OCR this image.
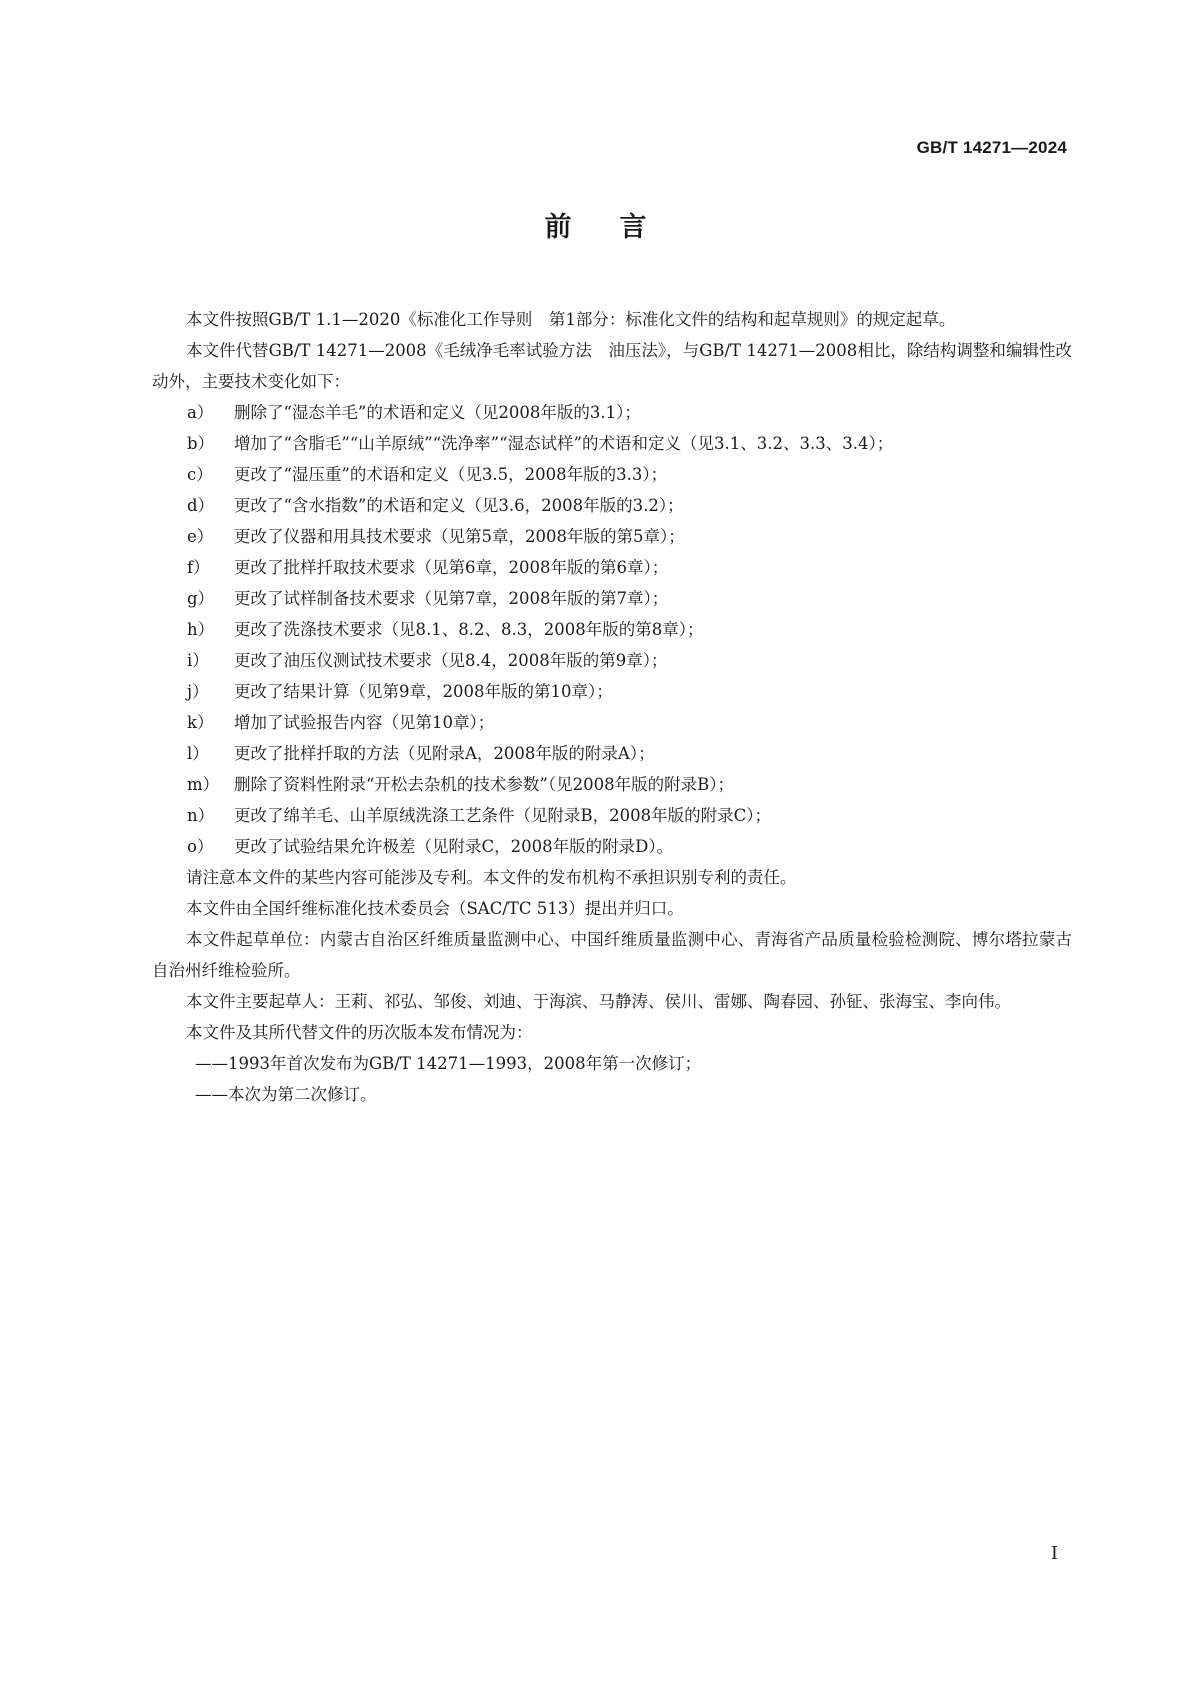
GB/T 14271—2024
前 言

本文件按照GB/T 1.1—2020《标准化工作导则　第1部分：标准化文件的结构和起草规则》的规定起草。

本文件代替GB/T 14271—2008《毛绒净毛率试验方法　油压法》，与GB/T 14271—2008相比，除结构调整和编辑性改动外，主要技术变化如下：

a） 删除了“湿态羊毛”的术语和定义（见2008年版的3.1）；

b） 增加了“含脂毛”“山羊原绒”“洗净率”“湿态试样”的术语和定义（见3.1、3.2、3.3、3.4）；

c） 更改了“湿压重”的术语和定义（见3.5，2008年版的3.3）；

d） 更改了“含水指数”的术语和定义（见3.6，2008年版的3.2）；

e） 更改了仪器和用具技术要求（见第5章，2008年版的第5章）；

f） 更改了批样扦取技术要求（见第6章，2008年版的第6章）；

g） 更改了试样制备技术要求（见第7章，2008年版的第7章）；

h） 更改了洗涤技术要求（见8.1、8.2、8.3，2008年版的第8章）；

i） 更改了油压仪测试技术要求（见8.4，2008年版的第9章）；

j） 更改了结果计算（见第9章，2008年版的第10章）；

k） 增加了试验报告内容（见第10章）；

l） 更改了批样扦取的方法（见附录A，2008年版的附录A）；

m） 删除了资料性附录“开松去杂机的技术参数”（见2008年版的附录B）；

n） 更改了绵羊毛、山羊原绒洗涤工艺条件（见附录B，2008年版的附录C）；

o） 更改了试验结果允许极差（见附录C，2008年版的附录D）。

请注意本文件的某些内容可能涉及专利。本文件的发布机构不承担识别专利的责任。

本文件由全国纤维标准化技术委员会（SAC/TC 513）提出并归口。

本文件起草单位：内蒙古自治区纤维质量监测中心、中国纤维质量监测中心、青海省产品质量检验检测院、博尔塔拉蒙古自治州纤维检验所。

本文件主要起草人：王莉、祁弘、邹俊、刘迪、于海滨、马静涛、侯川、雷娜、陶春园、孙钲、张海宝、李向伟。

本文件及其所代替文件的历次版本发布情况为：

——1993年首次发布为GB/T 14271—1993，2008年第一次修订；

——本次为第二次修订。

I
